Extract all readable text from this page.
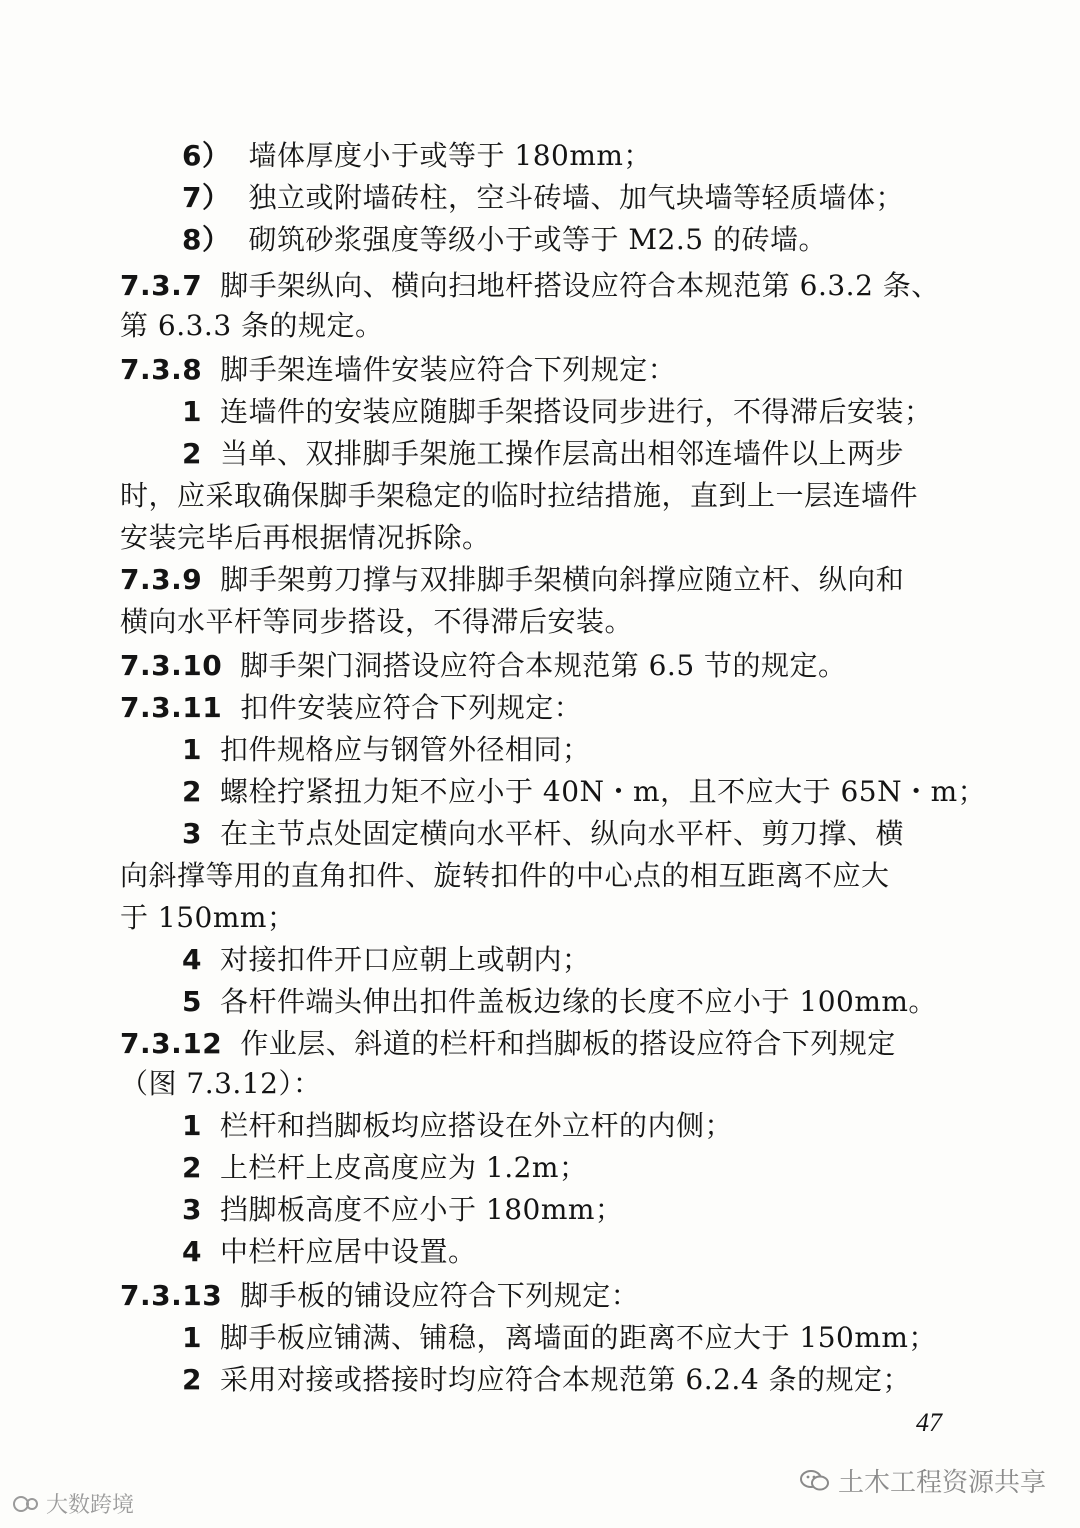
6） 墙体厚度小于或等于 180mm；
7） 独立或附墙砖柱，空斗砖墙、加气块墙等轻质墙体；
8） 砌筑砂浆强度等级小于或等于 M2.5 的砖墙。
7.3.7 脚手架纵向、横向扫地杆搭设应符合本规范第 6.3.2 条、
第 6.3.3 条的规定。
7.3.8 脚手架连墙件安装应符合下列规定：
1 连墙件的安装应随脚手架搭设同步进行，不得滞后安装；
2 当单、双排脚手架施工操作层高出相邻连墙件以上两步
时，应采取确保脚手架稳定的临时拉结措施，直到上一层连墙件
安装完毕后再根据情况拆除。
7.3.9 脚手架剪刀撑与双排脚手架横向斜撑应随立杆、纵向和
横向水平杆等同步搭设，不得滞后安装。
7.3.10 脚手架门洞搭设应符合本规范第 6.5 节的规定。
7.3.11 扣件安装应符合下列规定：
1 扣件规格应与钢管外径相同；
2 螺栓拧紧扭力矩不应小于 40N・m，且不应大于 65N・m；
3 在主节点处固定横向水平杆、纵向水平杆、剪刀撑、横
向斜撑等用的直角扣件、旋转扣件的中心点的相互距离不应大
于 150mm；
4 对接扣件开口应朝上或朝内；
5 各杆件端头伸出扣件盖板边缘的长度不应小于 100mm。
7.3.12 作业层、斜道的栏杆和挡脚板的搭设应符合下列规定
（图 7.3.12）：
1 栏杆和挡脚板均应搭设在外立杆的内侧；
2 上栏杆上皮高度应为 1.2m；
3 挡脚板高度不应小于 180mm；
4 中栏杆应居中设置。
7.3.13 脚手板的铺设应符合下列规定：
1 脚手板应铺满、铺稳，离墙面的距离不应大于 150mm；
2 采用对接或搭接时均应符合本规范第 6.2.4 条的规定；
47
土木工程资源共享
大数跨境
